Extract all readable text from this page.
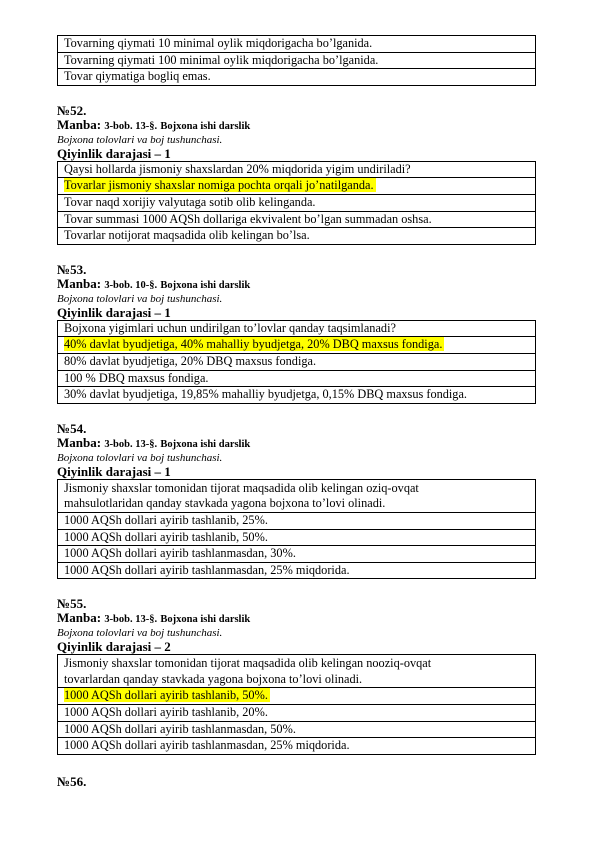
Tovarning qiymati 10 minimal oylik miqdorigacha bo’lganida.
Tovarning qiymati 100 minimal oylik miqdorigacha bo’lganida.
Tovar qiymatiga bogliq emas.
№52.
Manba: 3-bob. 13-§. Bojxona ishi darslik
Bojxona tolovlari va boj tushunchasi.
Qiyinlik darajasi – 1
Qaysi hollarda jismoniy shaxslardan 20% miqdorida yigim undiriladi?
Tovarlar jismoniy shaxslar nomiga pochta orqali jo’natilganda.
Tovar naqd xorijiy valyutaga sotib olib kelinganda.
Tovar summasi 1000 AQSh dollariga ekvivalent bo’lgan summadan oshsa.
Tovarlar notijorat maqsadida olib kelingan bo’lsa.
№53.
Manba: 3-bob. 10-§. Bojxona ishi darslik
Bojxona tolovlari va boj tushunchasi.
Qiyinlik darajasi – 1
Bojxona yigimlari uchun undirilgan to’lovlar qanday taqsimlanadi?
40% davlat byudjetiga, 40% mahalliy byudjetga, 20% DBQ maxsus fondiga.
80% davlat byudjetiga, 20% DBQ maxsus fondiga.
100 % DBQ maxsus fondiga.
30% davlat byudjetiga, 19,85% mahalliy byudjetga, 0,15% DBQ maxsus fondiga.
№54.
Manba: 3-bob. 13-§. Bojxona ishi darslik
Bojxona tolovlari va boj tushunchasi.
Qiyinlik darajasi – 1
Jismoniy shaxslar tomonidan tijorat maqsadida olib kelingan oziq-ovqat
mahsulotlaridan qanday stavkada yagona bojxona to’lovi olinadi.

1000 AQSh dollari ayirib tashlanib, 25%.
1000 AQSh dollari ayirib tashlanib, 50%.
1000 AQSh dollari ayirib tashlanmasdan, 30%.
1000 AQSh dollari ayirib tashlanmasdan, 25% miqdorida.
№55.
Manba: 3-bob. 13-§. Bojxona ishi darslik
Bojxona tolovlari va boj tushunchasi.
Qiyinlik darajasi – 2
Jismoniy shaxslar tomonidan tijorat maqsadida olib kelingan nooziq-ovqat
tovarlardan qanday stavkada yagona bojxona to’lovi olinadi.

1000 AQSh dollari ayirib tashlanib, 50%.
1000 AQSh dollari ayirib tashlanib, 20%.
1000 AQSh dollari ayirib tashlanmasdan, 50%.
1000 AQSh dollari ayirib tashlanmasdan, 25% miqdorida.
№56.
